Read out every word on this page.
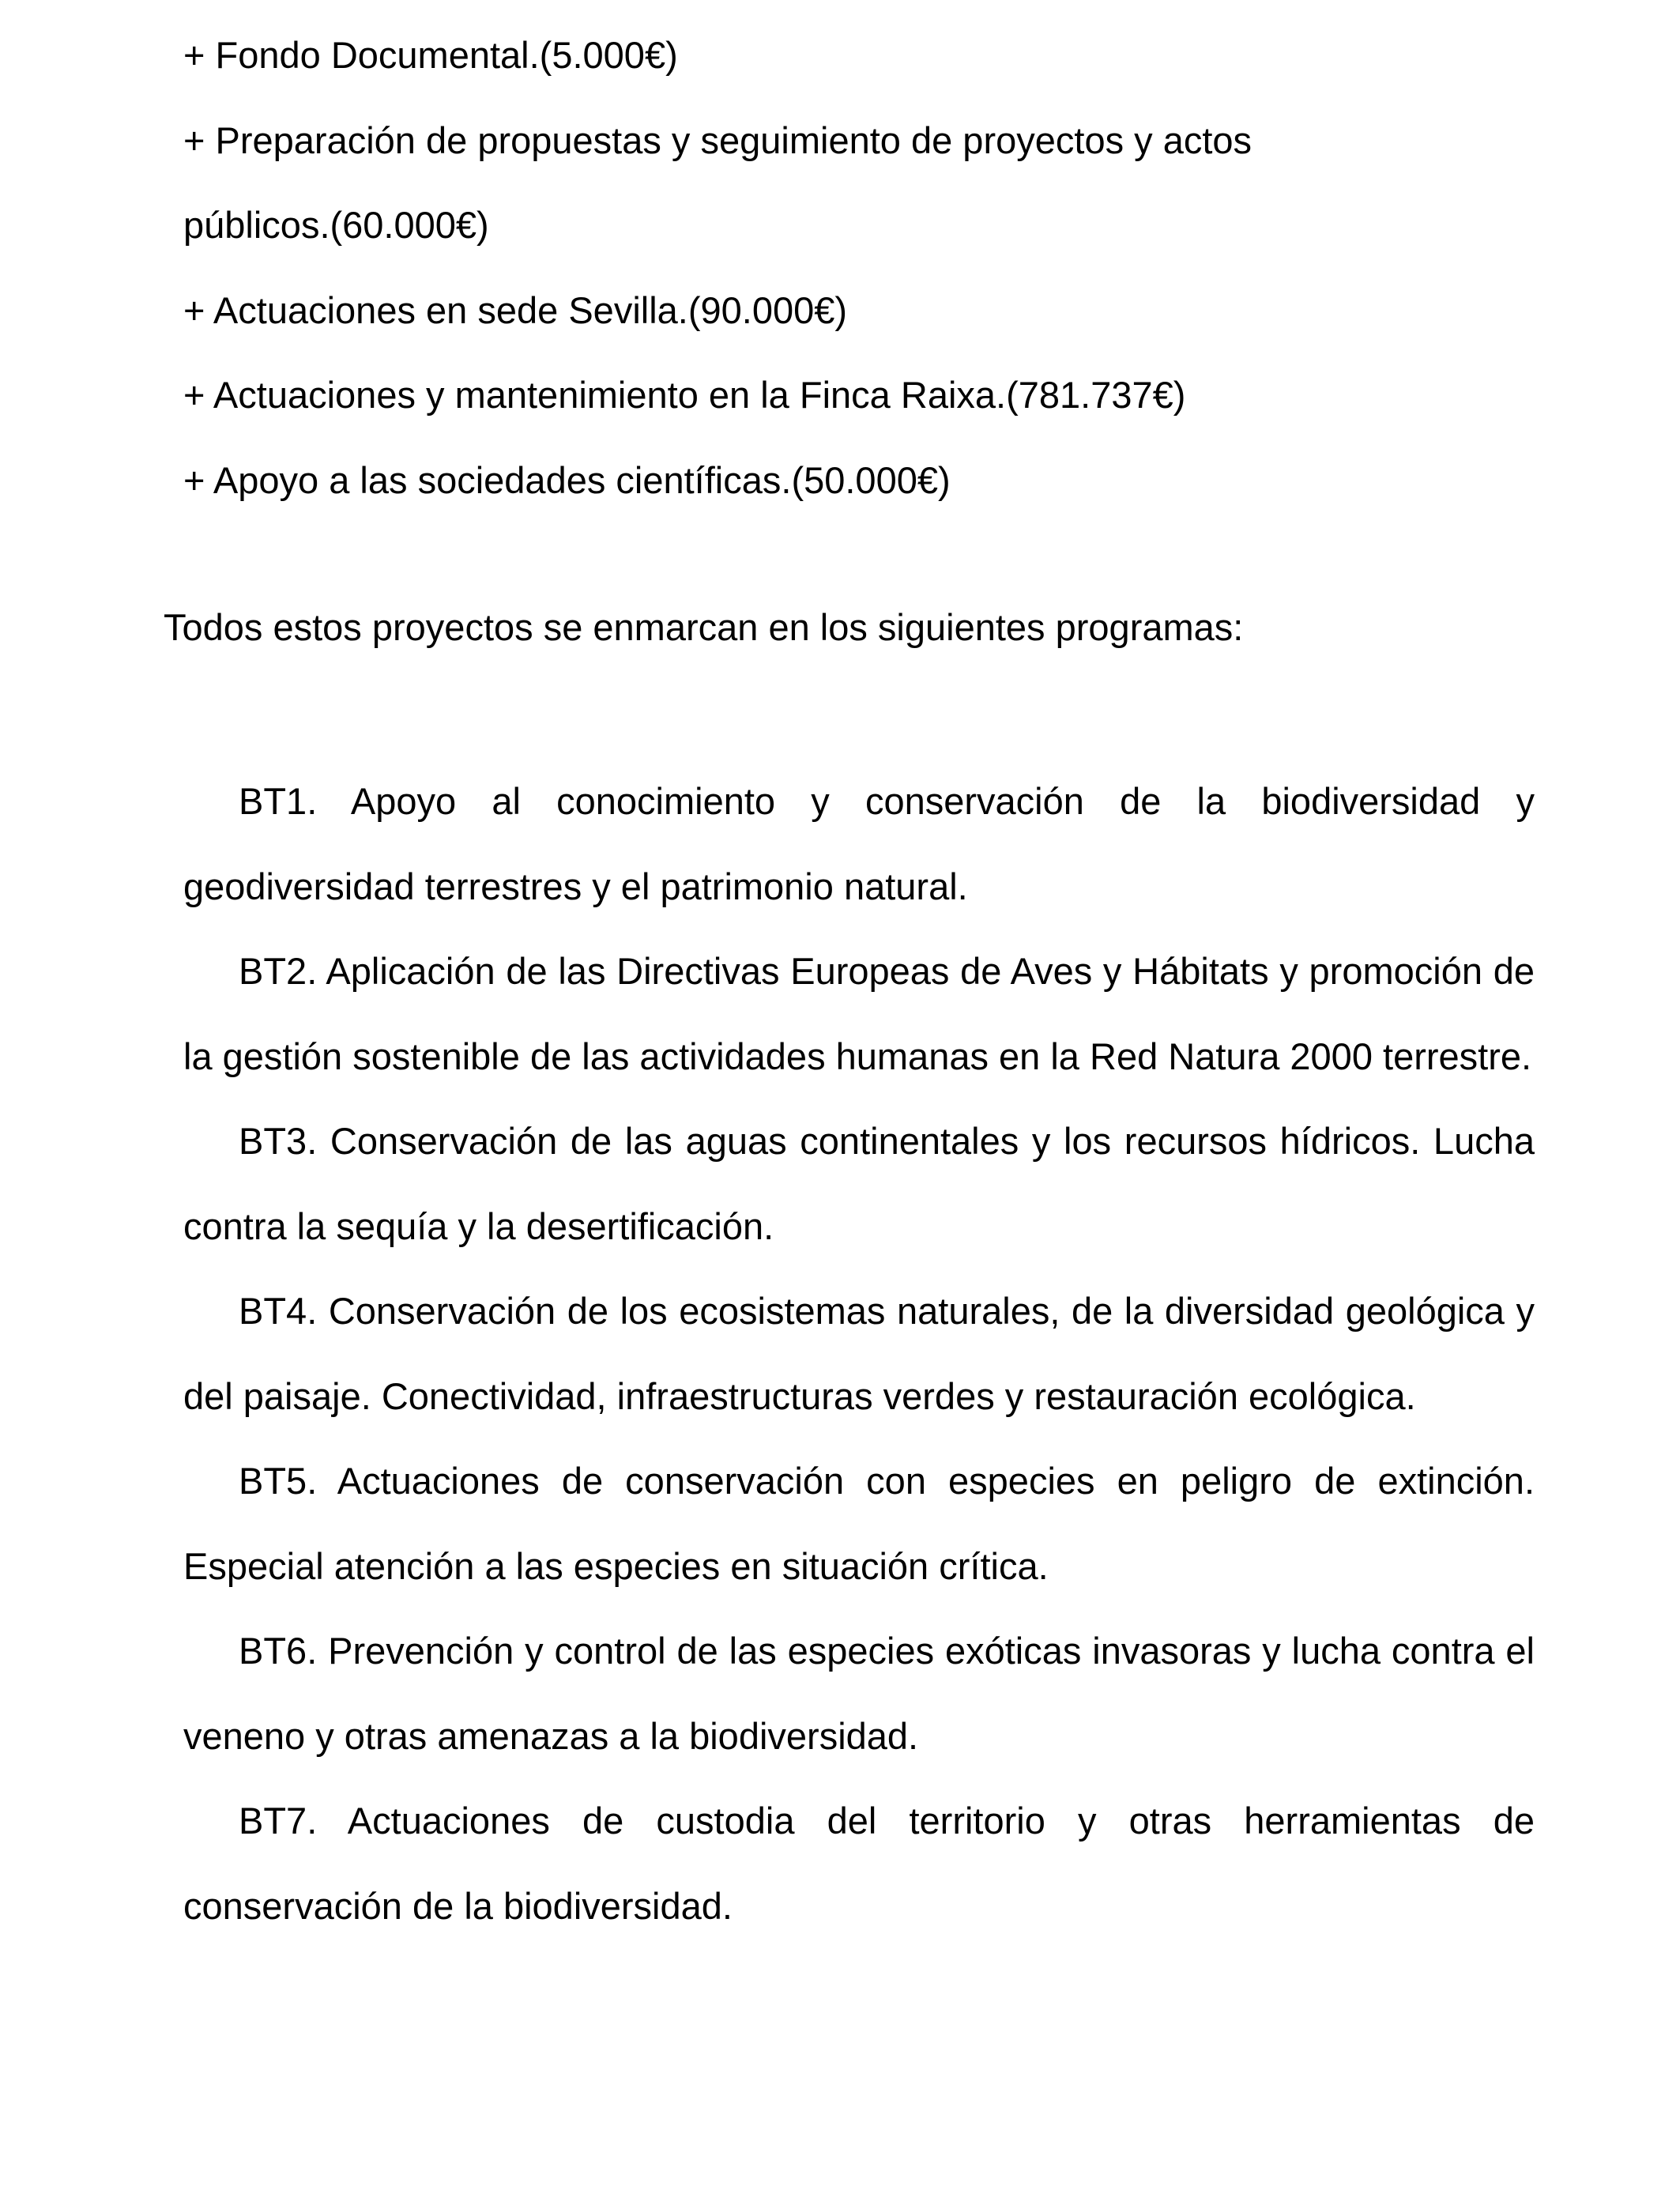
+ Fondo Documental.(5.000€)
+ Preparación de propuestas y seguimiento de proyectos y actos públicos.(60.000€)
+ Actuaciones en sede Sevilla.(90.000€)
+ Actuaciones y mantenimiento en la Finca Raixa.(781.737€)
+ Apoyo a las sociedades científicas.(50.000€)

Todos estos proyectos se enmarcan en los siguientes programas:

BT1. Apoyo al conocimiento y conservación de la biodiversidad y geodiversidad terrestres y el patrimonio natural.

BT2. Aplicación de las Directivas Europeas de Aves y Hábitats y promoción de la gestión sostenible de las actividades humanas en la Red Natura 2000 terrestre.

BT3. Conservación de las aguas continentales y los recursos hídricos. Lucha contra la sequía y la desertificación.

BT4. Conservación de los ecosistemas naturales, de la diversidad geológica y del paisaje. Conectividad, infraestructuras verdes y restauración ecológica.

BT5. Actuaciones de conservación con especies en peligro de extinción. Especial atención a las especies en situación crítica.

BT6. Prevención y control de las especies exóticas invasoras y lucha contra el veneno y otras amenazas a la biodiversidad.

BT7. Actuaciones de custodia del territorio y otras herramientas de conservación de la biodiversidad.
